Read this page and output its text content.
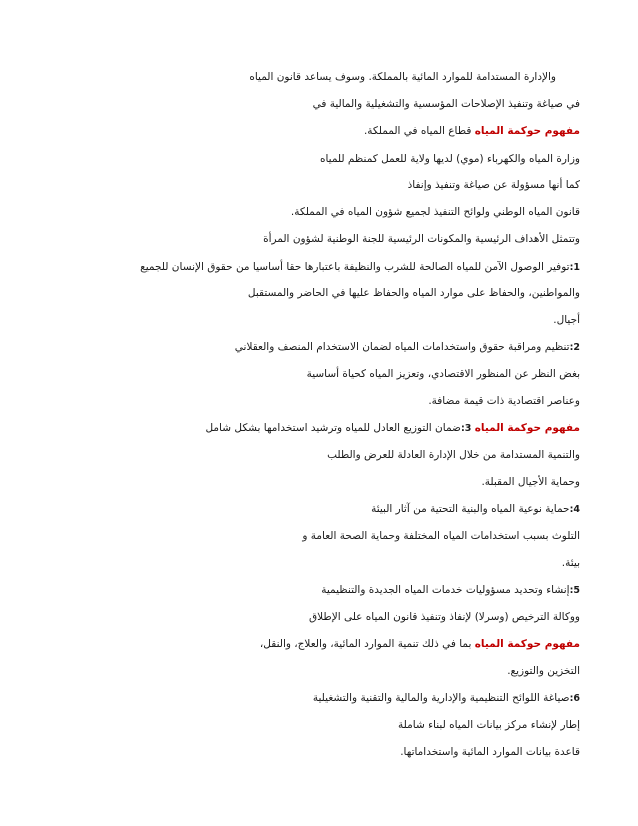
والإدارة المستدامة للموارد المائية بالمملكة. وسوف يساعد قانون المياه
في صياغة وتنفيذ الإصلاحات المؤسسية والتشغيلية والمالية في
مفهوم حوكمة المياه قطاع المياه في المملكة.
وزارة المياه والكهرباء (موي) لديها ولاية للعمل كمنظم للمياه
كما أنها مسؤولة عن صياغة وتنفيذ وإنفاذ
قانون المياه الوطني ولوائح التنفيذ لجميع شؤون المياه في المملكة.
وتتمثل الأهداف الرئيسية والمكونات الرئيسية للجنة الوطنية لشؤون المرأة
1:توفير الوصول الآمن للمياه الصالحة للشرب والنظيفة باعتبارها حقا أساسيا من حقوق الإنسان للجميع
والمواطنين، والحفاظ على موارد المياه والحفاظ عليها في الحاضر والمستقبل
أجيال.
2:تنظيم ومراقبة حقوق واستخدامات المياه لضمان الاستخدام المنصف والعقلاني
بغض النظر عن المنظور الاقتصادي، وتعزيز المياه كحياة أساسية
وعناصر اقتصادية ذات قيمة مضافة.
مفهوم حوكمة المياه 3:ضمان التوزيع العادل للمياه وترشيد استخدامها بشكل شامل
والتنمية المستدامة من خلال الإدارة العادلة للعرض والطلب
وحماية الأجيال المقبلة.
4:حماية نوعية المياه والبنية التحتية من آثار البيئة
التلوث بسبب استخدامات المياه المختلفة وحماية الصحة العامة و
بيئة.
5:إنشاء وتحديد مسؤوليات خدمات المياه الجديدة والتنظيمية
ووكالة الترخيص (وسرلا) لإنفاذ وتنفيذ قانون المياه على الإطلاق
مفهوم حوكمة المياه بما في ذلك تنمية الموارد المائية، والعلاج، والنقل،
التخزين والتوزيع.
6:صياغة اللوائح التنظيمية والإدارية والمالية والتقنية والتشغيلية
إطار لإنشاء مركز بيانات المياه لبناء شاملة
قاعدة بيانات الموارد المائية واستخداماتها.
